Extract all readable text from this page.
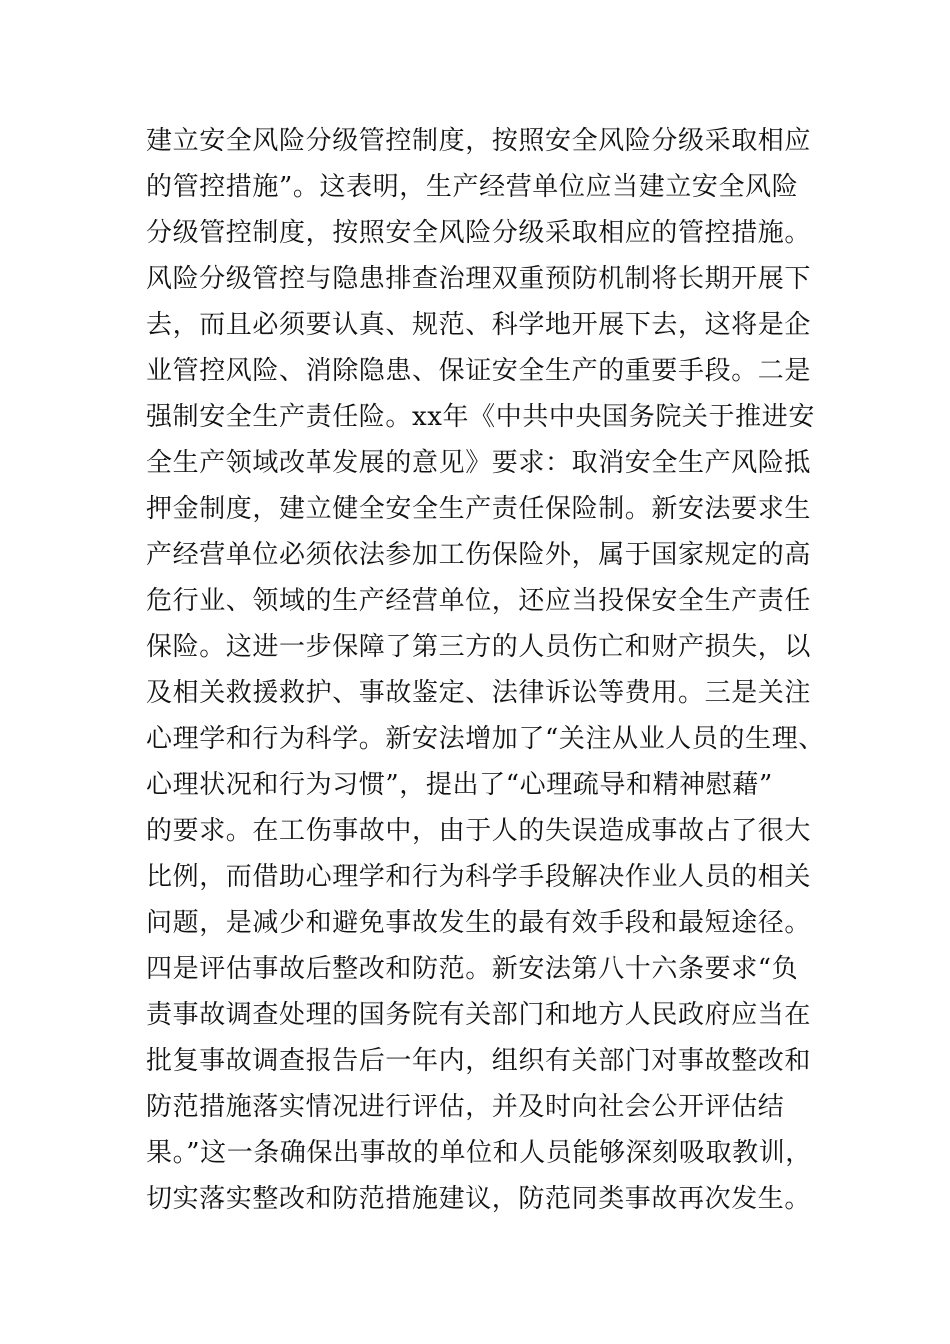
建立安全风险分级管控制度，按照安全风险分级采取相应
的管控措施”。这表明，生产经营单位应当建立安全风险
分级管控制度，按照安全风险分级采取相应的管控措施。
风险分级管控与隐患排查治理双重预防机制将长期开展下
去，而且必须要认真、规范、科学地开展下去，这将是企
业管控风险、消除隐患、保证安全生产的重要手段。二是
强制安全生产责任险。xx年《中共中央国务院关于推进安
全生产领域改革发展的意见》要求：取消安全生产风险抵
押金制度，建立健全安全生产责任保险制。新安法要求生
产经营单位必须依法参加工伤保险外，属于国家规定的高
危行业、领域的生产经营单位，还应当投保安全生产责任
保险。这进一步保障了第三方的人员伤亡和财产损失，以
及相关救援救护、事故鉴定、法律诉讼等费用。三是关注
心理学和行为科学。新安法增加了“关注从业人员的生理、
心理状况和行为习惯”，提出了“心理疏导和精神慰藉”
的要求。在工伤事故中，由于人的失误造成事故占了很大
比例，而借助心理学和行为科学手段解决作业人员的相关
问题，是减少和避免事故发生的最有效手段和最短途径。
四是评估事故后整改和防范。新安法第八十六条要求“负
责事故调查处理的国务院有关部门和地方人民政府应当在
批复事故调查报告后一年内，组织有关部门对事故整改和
防范措施落实情况进行评估，并及时向社会公开评估结
果。”这一条确保出事故的单位和人员能够深刻吸取教训，
切实落实整改和防范措施建议，防范同类事故再次发生。
